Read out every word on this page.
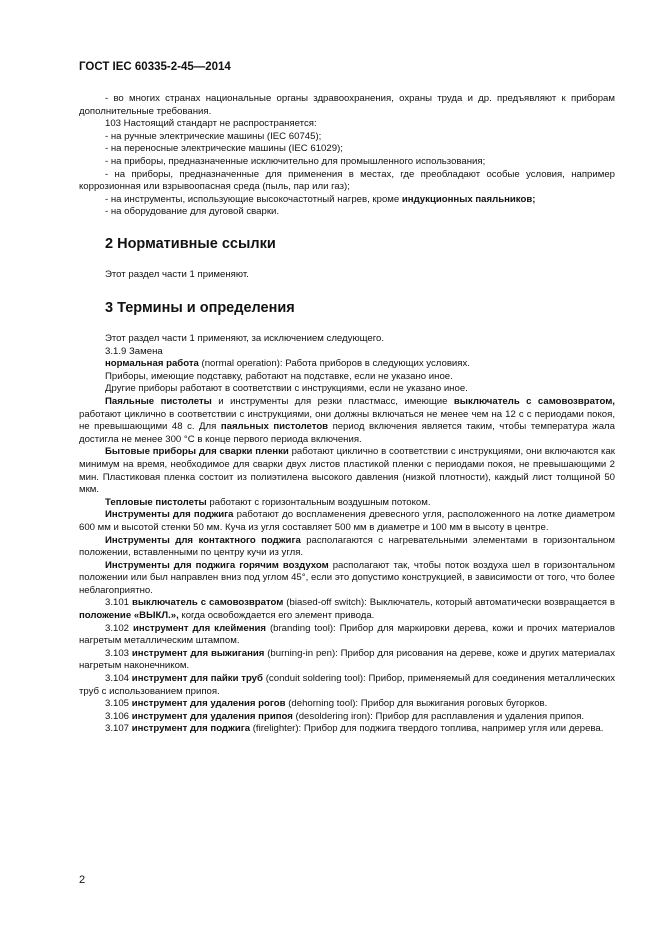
ГОСТ IEC 60335-2-45—2014

- во многих странах национальные органы здравоохранения, охраны труда и др. предъявляют к приборам дополнительные требования.

103 Настоящий стандарт не распространяется:

- на ручные электрические машины (IEC 60745);

- на переносные электрические машины (IEC 61029);

- на приборы, предназначенные исключительно для промышленного использования;

- на приборы, предназначенные для применения в местах, где преобладают особые условия, например коррозионная или взрывоопасная среда (пыль, пар или газ);

- на инструменты, использующие высокочастотный нагрев, кроме индукционных паяльников;

- на оборудование для дуговой сварки.

2 Нормативные ссылки

Этот раздел части 1 применяют.

3 Термины и определения

Этот раздел части 1 применяют, за исключением следующего.

3.1.9 Замена

нормальная работа (normal operation): Работа приборов в следующих условиях.

Приборы, имеющие подставку, работают на подставке, если не указано иное.

Другие приборы работают в соответствии с инструкциями, если не указано иное.

Паяльные пистолеты и инструменты для резки пластмасс, имеющие выключатель с самовозвратом, работают циклично в соответствии с инструкциями, они должны включаться не менее чем на 12 с с периодами покоя, не превышающими 48 с. Для паяльных пистолетов период включения является таким, чтобы температура жала достигла не менее 300 °С в конце первого периода включения.

Бытовые приборы для сварки пленки работают циклично в соответствии с инструкциями, они включаются как минимум на время, необходимое для сварки двух листов пластикой пленки с периодами покоя, не превышающими 2 мин. Пластиковая пленка состоит из полиэтилена высокого давления (низкой плотности), каждый лист толщиной 50 мкм.

Тепловые пистолеты работают с горизонтальным воздушным потоком.

Инструменты для поджига работают до воспламенения древесного угля, расположенного на лотке диаметром 600 мм и высотой стенки 50 мм. Куча из угля составляет 500 мм в диаметре и 100 мм в высоту в центре.

Инструменты для контактного поджига располагаются с нагревательными элементами в горизонтальном положении, вставленными по центру кучи из угля.

Инструменты для поджига горячим воздухом располагают так, чтобы поток воздуха шел в горизонтальном положении или был направлен вниз под углом 45°, если это допустимо конструкцией, в зависимости от того, что более неблагоприятно.

3.101 выключатель с самовозвратом (biased-off switch): Выключатель, который автоматически возвращается в положение «ВЫКЛ.», когда освобождается его элемент привода.

3.102 инструмент для клеймения (branding tool): Прибор для маркировки дерева, кожи и прочих материалов нагретым металлическим штампом.

3.103 инструмент для выжигания (burning-in pen): Прибор для рисования на дереве, коже и других материалах нагретым наконечником.

3.104 инструмент для пайки труб (conduit soldering tool): Прибор, применяемый для соединения металлических труб с использованием припоя.

3.105 инструмент для удаления рогов (dehorning tool): Прибор для выжигания роговых бугорков.

3.106 инструмент для удаления припоя (desoldering iron): Прибор для расплавления и удаления припоя.

3.107 инструмент для поджига (firelighter): Прибор для поджига твердого топлива, например угля или дерева.

2
